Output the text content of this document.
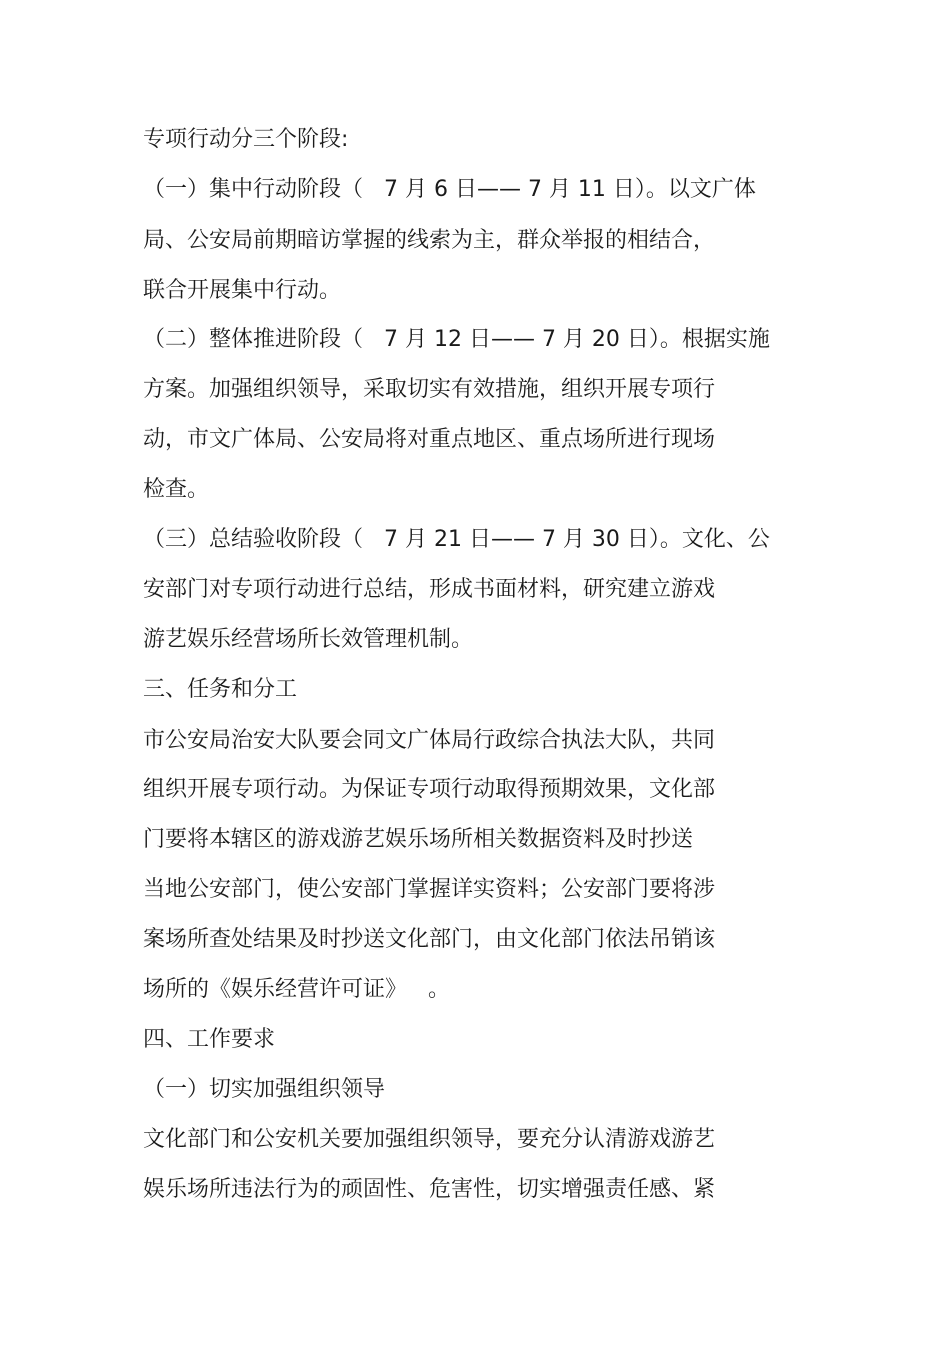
专项行动分三个阶段:

（一）集中行动阶段（   7 月 6 日—— 7 月 11 日）。以文广体

局、公安局前期暗访掌握的线索为主，群众举报的相结合，

联合开展集中行动。

（二）整体推进阶段（   7 月 12 日—— 7 月 20 日）。根据实施

方案。加强组织领导，采取切实有效措施，组织开展专项行

动，市文广体局、公安局将对重点地区、重点场所进行现场

检查。

（三）总结验收阶段（   7 月 21 日—— 7 月 30 日）。文化、公

安部门对专项行动进行总结，形成书面材料，研究建立游戏

游艺娱乐经营场所长效管理机制。

三、任务和分工

市公安局治安大队要会同文广体局行政综合执法大队，共同

组织开展专项行动。为保证专项行动取得预期效果，文化部

门要将本辖区的游戏游艺娱乐场所相关数据资料及时抄送

当地公安部门，使公安部门掌握详实资料；公安部门要将涉

案场所查处结果及时抄送文化部门，由文化部门依法吊销该

场所的《娱乐经营许可证》   。

四、工作要求

（一）切实加强组织领导

文化部门和公安机关要加强组织领导，要充分认清游戏游艺

娱乐场所违法行为的顽固性、危害性，切实增强责任感、紧
